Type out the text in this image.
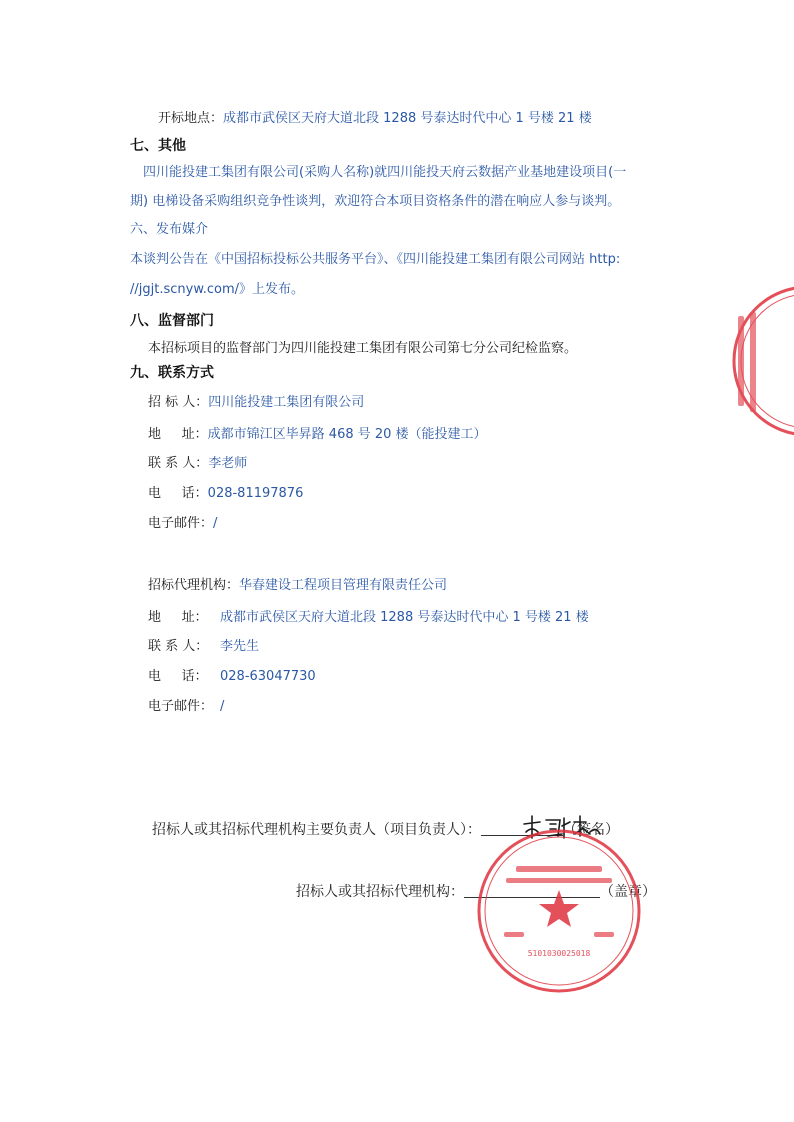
开标地点：成都市武侯区天府大道北段 1288 号泰达时代中心 1 号楼 21 楼
七、其他
四川能投建工集团有限公司(采购人名称)就四川能投天府云数据产业基地建设项目(一
期) 电梯设备采购组织竞争性谈判，欢迎符合本项目资格条件的潜在响应人参与谈判。
六、发布媒介
本谈判公告在《中国招标投标公共服务平台》、《四川能投建工集团有限公司网站 http:
//jgjt.scnyw.com/》上发布。
八、监督部门
本招标项目的监督部门为四川能投建工集团有限公司第七分公司纪检监察。
九、联系方式
招 标 人：四川能投建工集团有限公司
地     址：成都市锦江区毕昇路 468 号 20 楼（能投建工）
联 系 人：李老师
电     话：028-81197876
电子邮件：/
招标代理机构：华春建设工程项目管理有限责任公司
地     址： 成都市武侯区天府大道北段 1288 号泰达时代中心 1 号楼 21 楼
联 系 人： 李先生
电     话： 028-63047730
电子邮件： /
招标人或其招标代理机构主要负责人（项目负责人）：	（签名）
招标人或其招标代理机构：	（盖章）
5101030025018
